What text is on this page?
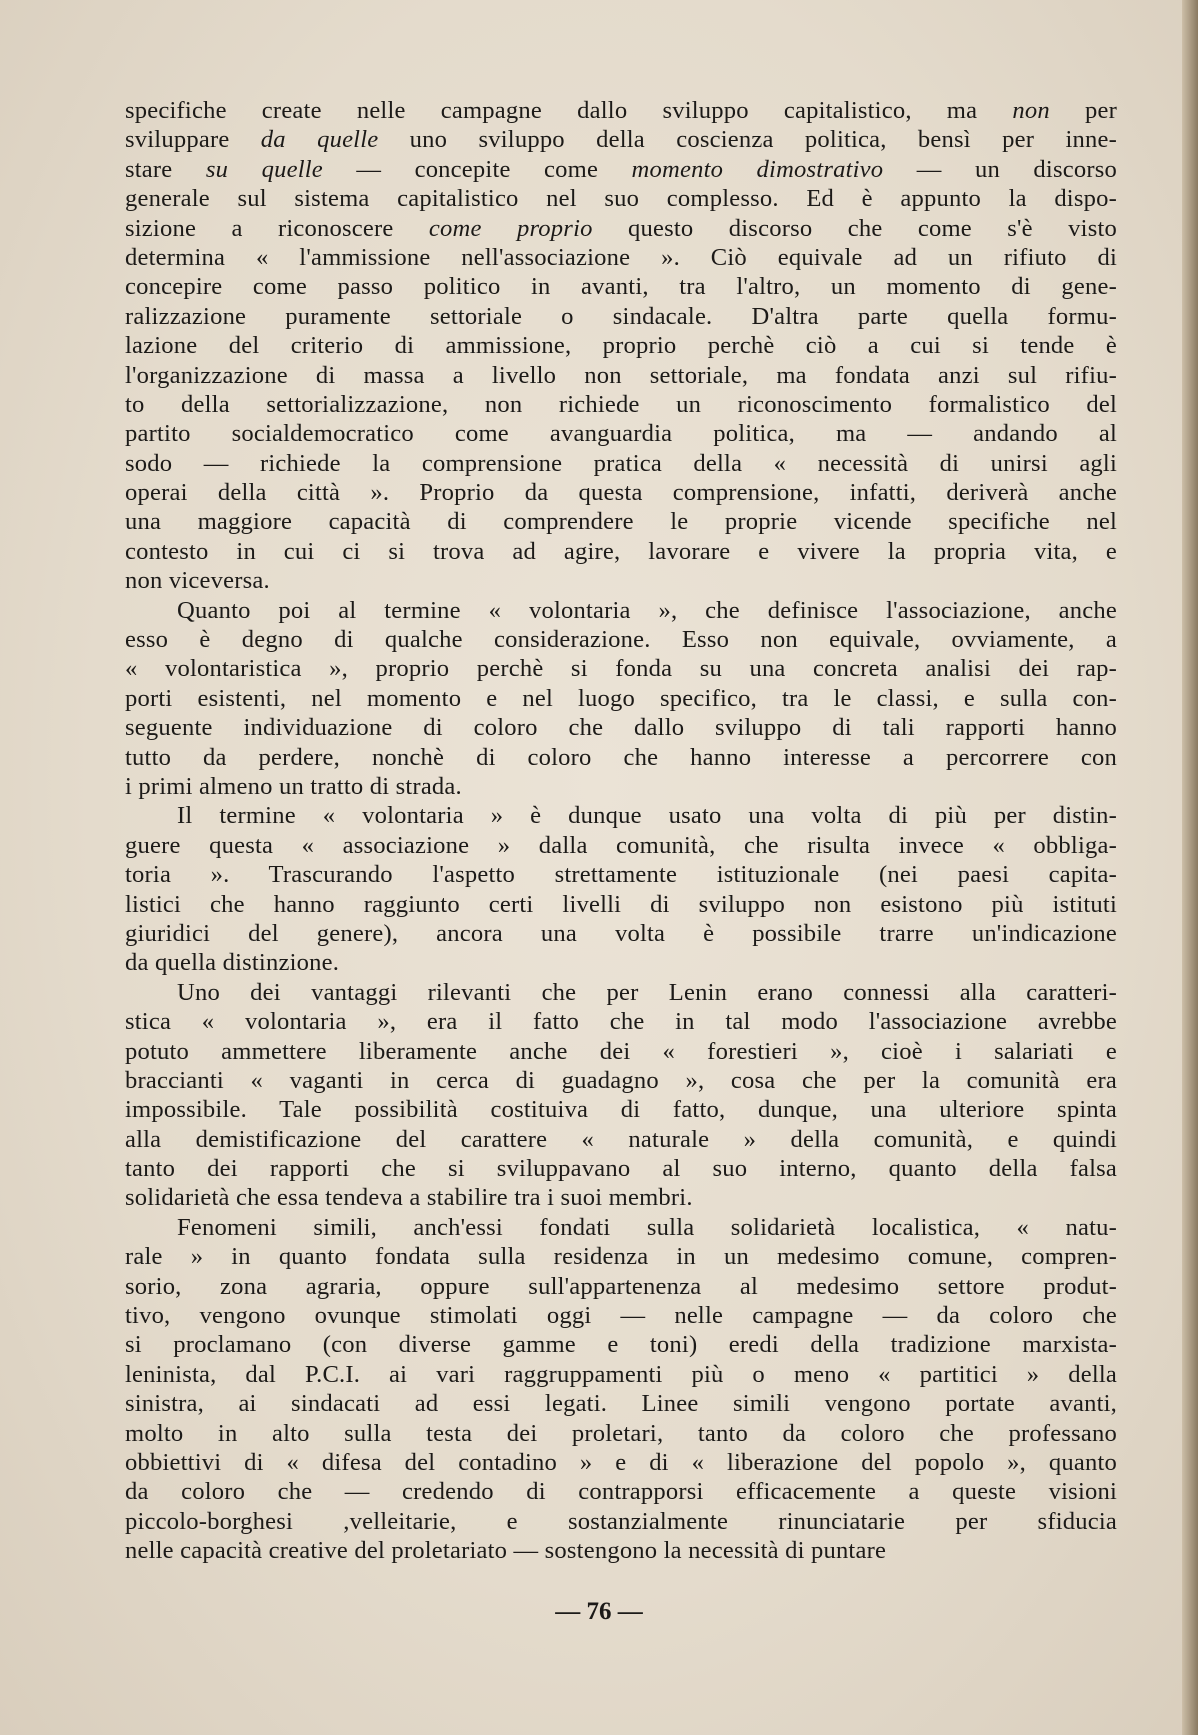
specifiche create nelle campagne dallo sviluppo capitalistico, ma non per
sviluppare da quelle uno sviluppo della coscienza politica, bensì per inne-
stare su quelle — concepite come momento dimostrativo — un discorso
generale sul sistema capitalistico nel suo complesso. Ed è appunto la dispo-
sizione a riconoscere come proprio questo discorso che come s'è visto
determina « l'ammissione nell'associazione ». Ciò equivale ad un rifiuto di
concepire come passo politico in avanti, tra l'altro, un momento di gene-
ralizzazione puramente settoriale o sindacale. D'altra parte quella formu-
lazione del criterio di ammissione, proprio perchè ciò a cui si tende è
l'organizzazione di massa a livello non settoriale, ma fondata anzi sul rifiu-
to della settorializzazione, non richiede un riconoscimento formalistico del
partito socialdemocratico come avanguardia politica, ma — andando al
sodo — richiede la comprensione pratica della « necessità di unirsi agli
operai della città ». Proprio da questa comprensione, infatti, deriverà anche
una maggiore capacità di comprendere le proprie vicende specifiche nel
contesto in cui ci si trova ad agire, lavorare e vivere la propria vita, e
non viceversa.
Quanto poi al termine « volontaria », che definisce l'associazione, anche
esso è degno di qualche considerazione. Esso non equivale, ovviamente, a
« volontaristica », proprio perchè si fonda su una concreta analisi dei rap-
porti esistenti, nel momento e nel luogo specifico, tra le classi, e sulla con-
seguente individuazione di coloro che dallo sviluppo di tali rapporti hanno
tutto da perdere, nonchè di coloro che hanno interesse a percorrere con
i primi almeno un tratto di strada.
Il termine « volontaria » è dunque usato una volta di più per distin-
guere questa « associazione » dalla comunità, che risulta invece « obbliga-
toria ». Trascurando l'aspetto strettamente istituzionale (nei paesi capita-
listici che hanno raggiunto certi livelli di sviluppo non esistono più istituti
giuridici del genere), ancora una volta è possibile trarre un'indicazione
da quella distinzione.
Uno dei vantaggi rilevanti che per Lenin erano connessi alla caratteri-
stica « volontaria », era il fatto che in tal modo l'associazione avrebbe
potuto ammettere liberamente anche dei « forestieri », cioè i salariati e
braccianti « vaganti in cerca di guadagno », cosa che per la comunità era
impossibile. Tale possibilità costituiva di fatto, dunque, una ulteriore spinta
alla demistificazione del carattere « naturale » della comunità, e quindi
tanto dei rapporti che si sviluppavano al suo interno, quanto della falsa
solidarietà che essa tendeva a stabilire tra i suoi membri.
Fenomeni simili, anch'essi fondati sulla solidarietà localistica, « natu-
rale » in quanto fondata sulla residenza in un medesimo comune, compren-
sorio, zona agraria, oppure sull'appartenenza al medesimo settore produt-
tivo, vengono ovunque stimolati oggi — nelle campagne — da coloro che
si proclamano (con diverse gamme e toni) eredi della tradizione marxista-
leninista, dal P.C.I. ai vari raggruppamenti più o meno « partitici » della
sinistra, ai sindacati ad essi legati. Linee simili vengono portate avanti,
molto in alto sulla testa dei proletari, tanto da coloro che professano
obbiettivi di « difesa del contadino » e di « liberazione del popolo », quanto
da coloro che — credendo di contrapporsi efficacemente a queste visioni
piccolo-borghesi ,velleitarie, e sostanzialmente rinunciatarie per sfiducia
nelle capacità creative del proletariato — sostengono la necessità di puntare
— 76 —
